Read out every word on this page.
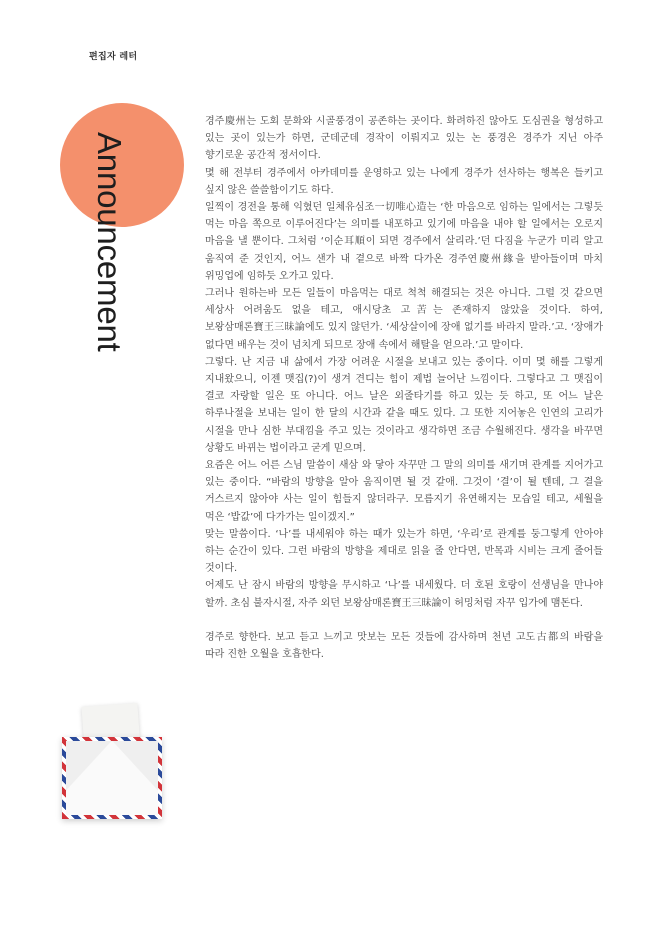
편집자 레터
Announcement

경주慶州는 도회 문화와 시골풍경이 공존하는 곳이다. 화려하진 않아도 도심권을 형성하고 있는 곳이 있는가 하면, 군데군데 경작이 이뤄지고 있는 논 풍경은 경주가 지닌 아주 향기로운 공간적 정서이다.

몇 해 전부터 경주에서 아카데미를 운영하고 있는 나에게 경주가 선사하는 행복은 들키고 싶지 않은 쓸쓸함이기도 하다.

일찍이 경전을 통해 익혔던 일체유심조一切唯心造는 ‘한 마음으로 임하는 일에서는 그렇듯 먹는 마음 쪽으로 이루어진다’는 의미를 내포하고 있기에 마음을 내야 할 일에서는 오로지 마음을 낼 뿐이다. 그처럼 ‘이순耳順이 되면 경주에서 살리라.’던 다짐을 누군가 미리 알고 움직여 준 것인지, 어느 샌가 내 곁으로 바짝 다가온 경주연慶州緣을 받아들이며 마치 위밍업에 임하듯 오가고 있다.

그러나 원하는바 모든 일들이 마음먹는 대로 척척 해결되는 것은 아니다. 그럴 것 같으면 세상사 어려움도 없을 테고, 애시당초 고苦는 존재하지 않았을 것이다. 하여, 보왕삼매론寶王三昧論에도 있지 않던가. ‘세상살이에 장애 없기를 바라지 말라.’고. ‘장애가 없다면 배우는 것이 넘치게 되므로 장애 속에서 해탈을 얻으라.’고 말이다.

그렇다. 난 지금 내 삶에서 가장 어려운 시절을 보내고 있는 중이다. 이미 몇 해를 그렇게 지내왔으니, 이젠 맷집(?)이 생겨 견디는 힘이 제법 늘어난 느낌이다. 그렇다고 그 맷집이 결코 자랑할 일은 또 아니다. 어느 날은 외줄타기를 하고 있는 듯 하고, 또 어느 날은 하루나절을 보내는 일이 한 달의 시간과 같을 때도 있다. 그 또한 지어놓은 인연의 고리가 시절을 만나 심한 부대낌을 주고 있는 것이라고 생각하면 조금 수월해진다. 생각을 바꾸면 상황도 바뀌는 법이라고 굳게 믿으며.

요즘은 어느 어른 스님 말씀이 새삼 와 닿아 자꾸만 그 말의 의미를 새기며 관계를 지어가고 있는 중이다. “바람의 방향을 알아 움직이면 될 것 같애. 그것이 ‘결’이 될 텐데, 그 결을 거스르지 않아야 사는 일이 힘들지 않더라구. 모름지기 유연해지는 모습일 테고, 세월을 먹은 ‘밥값’에 다가가는 일이겠지.”

맞는 말씀이다. ‘나’를 내세워야 하는 때가 있는가 하면, ‘우리’로 관계를 둥그렇게 안아야 하는 순간이 있다. 그런 바람의 방향을 제대로 읽을 줄 안다면, 반목과 시비는 크게 줄어들 것이다.

어제도 난 잠시 바람의 방향을 무시하고 ‘나’를 내세웠다. 더 호된 호랑이 선생님을 만나야 할까. 초심 불자시절, 자주 외던 보왕삼매론寶王三昧論이 허밍처럼 자꾸 입가에 맴돈다.

경주로 향한다. 보고 듣고 느끼고 맛보는 모든 것들에 감사하며 천년 고도古都의 바람을 따라 진한 오월을 호흡한다.
